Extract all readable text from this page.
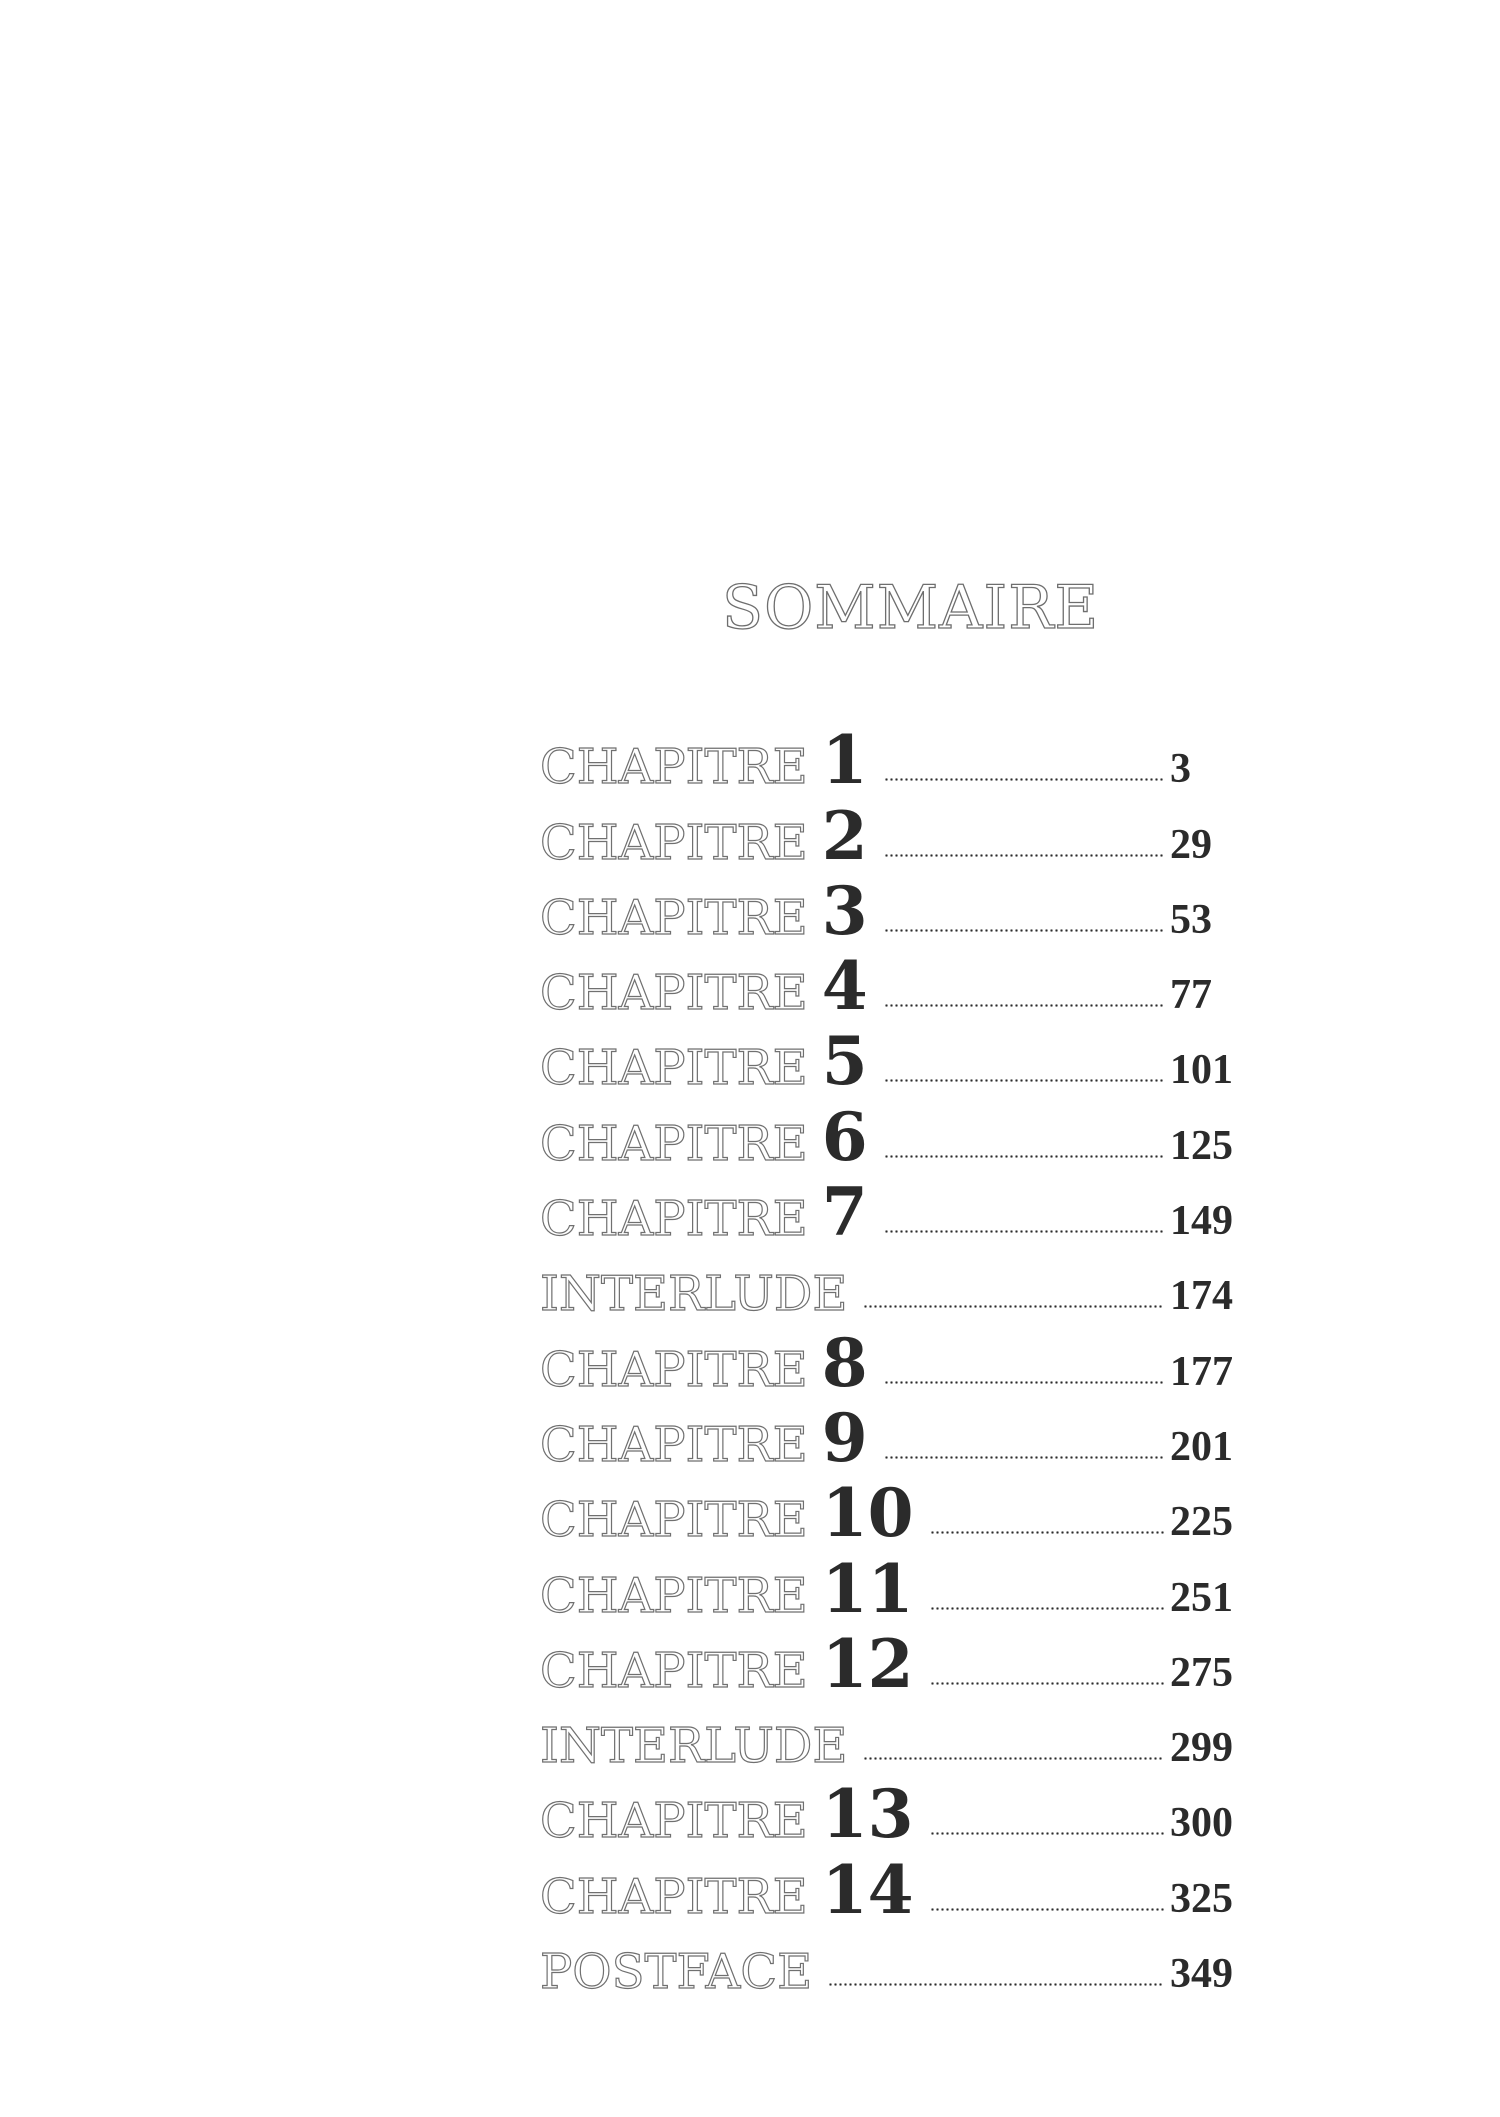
SOMMAIRE
CHAPITRE 1	3
CHAPITRE 2	29
CHAPITRE 3	53
CHAPITRE 4	77
CHAPITRE 5	101
CHAPITRE 6	125
CHAPITRE 7	149
INTERLUDE	174
CHAPITRE 8	177
CHAPITRE 9	201
CHAPITRE 10	225
CHAPITRE 11	251
CHAPITRE 12	275
INTERLUDE	299
CHAPITRE 13	300
CHAPITRE 14	325
POSTFACE	349
